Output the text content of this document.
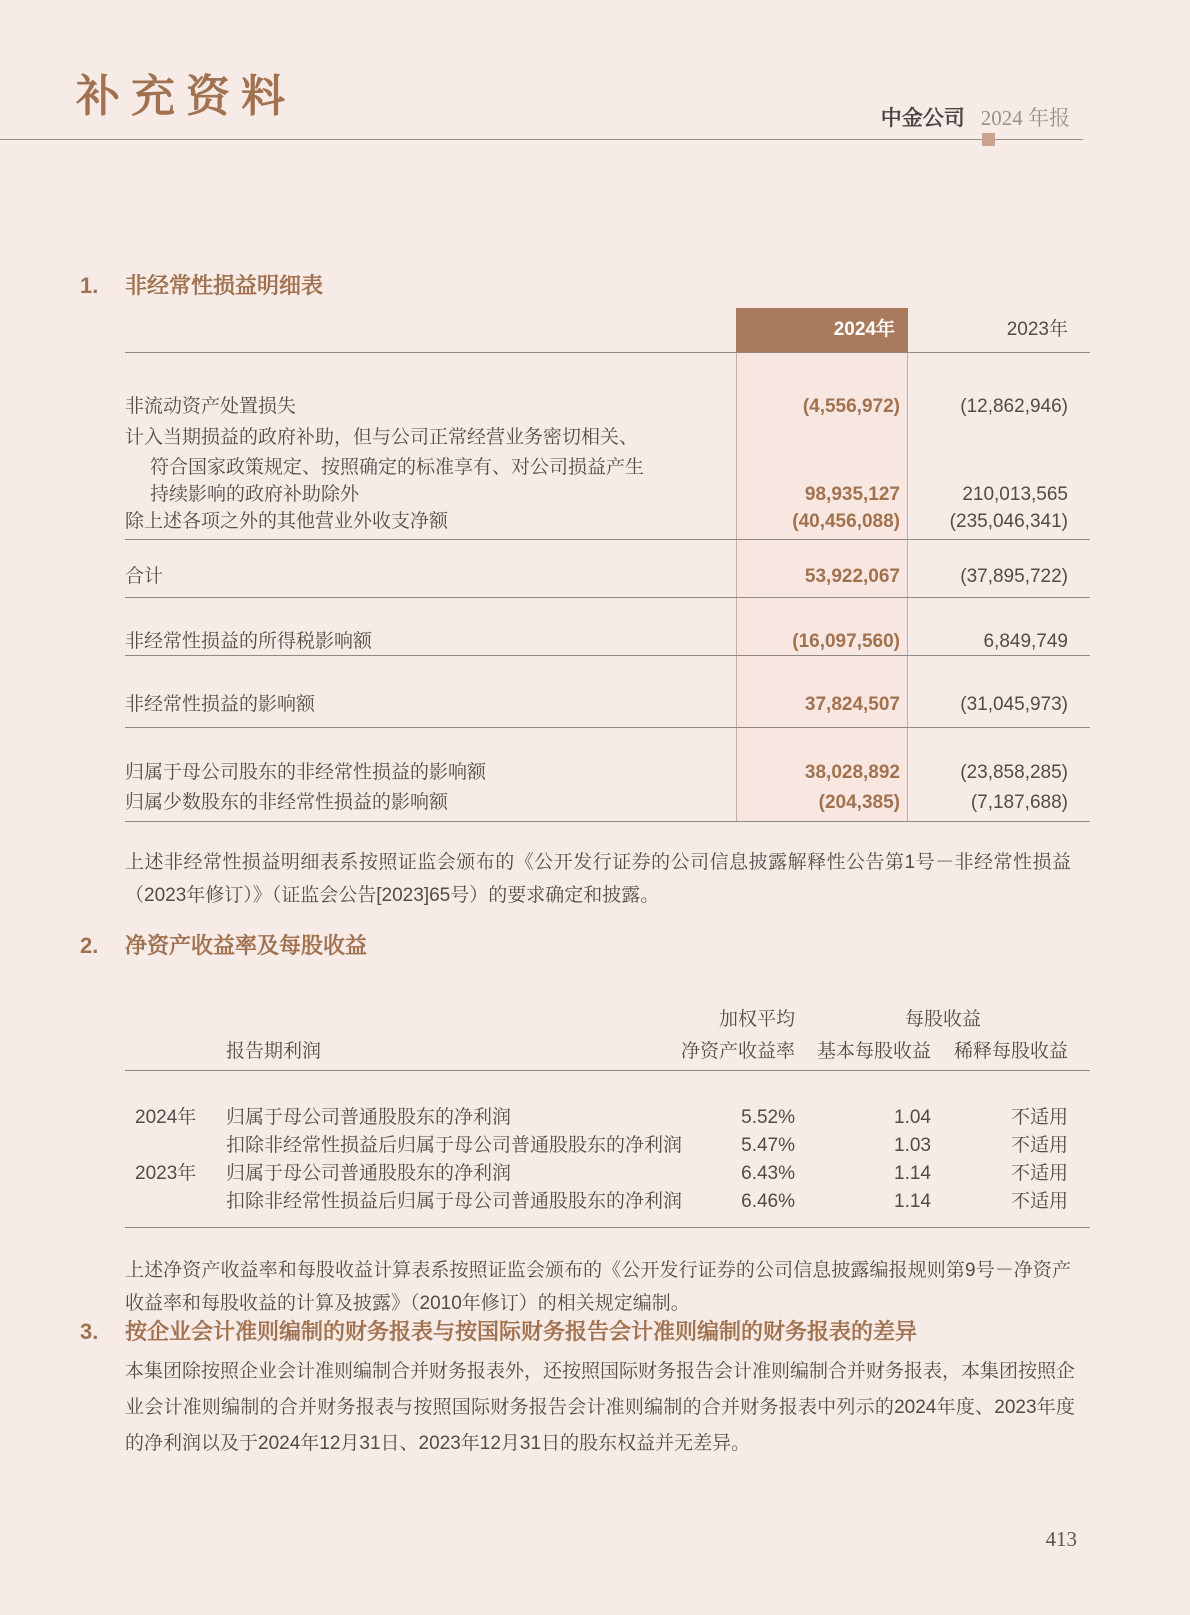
补充资料	中金公司 2024 年报
1. 非经常性损益明细表
2024年	2023年
非流动资产处置损失	(4,556,972)	(12,862,946)
计入当期损益的政府补助，但与公司正常经营业务密切相关、
符合国家政策规定、按照确定的标准享有、对公司损益产生
持续影响的政府补助除外	98,935,127	210,013,565
除上述各项之外的其他营业外收支净额	(40,456,088)	(235,046,341)
合计	53,922,067	(37,895,722)
非经常性损益的所得税影响额	(16,097,560)	6,849,749
非经常性损益的影响额	37,824,507	(31,045,973)
归属于母公司股东的非经常性损益的影响额	38,028,892	(23,858,285)
归属少数股东的非经常性损益的影响额	(204,385)	(7,187,688)

上述非经常性损益明细表系按照证监会颁布的《公开发行证券的公司信息披露解释性公告第1号－非经常性损益（2023年修订）》（证监会公告[2023]65号）的要求确定和披露。

2. 净资产收益率及每股收益
加权平均	每股收益
报告期利润	净资产收益率	基本每股收益	稀释每股收益
2024年 归属于母公司普通股股东的净利润	5.52%	1.04	不适用
扣除非经常性损益后归属于母公司普通股股东的净利润	5.47%	1.03	不适用
2023年 归属于母公司普通股股东的净利润	6.43%	1.14	不适用
扣除非经常性损益后归属于母公司普通股股东的净利润	6.46%	1.14	不适用

上述净资产收益率和每股收益计算表系按照证监会颁布的《公开发行证券的公司信息披露编报规则第9号－净资产收益率和每股收益的计算及披露》（2010年修订）的相关规定编制。

3. 按企业会计准则编制的财务报表与按国际财务报告会计准则编制的财务报表的差异

本集团除按照企业会计准则编制合并财务报表外，还按照国际财务报告会计准则编制合并财务报表，本集团按照企业会计准则编制的合并财务报表与按照国际财务报告会计准则编制的合并财务报表中列示的2024年度、2023年度的净利润以及于2024年12月31日、2023年12月31日的股东权益并无差异。

413
